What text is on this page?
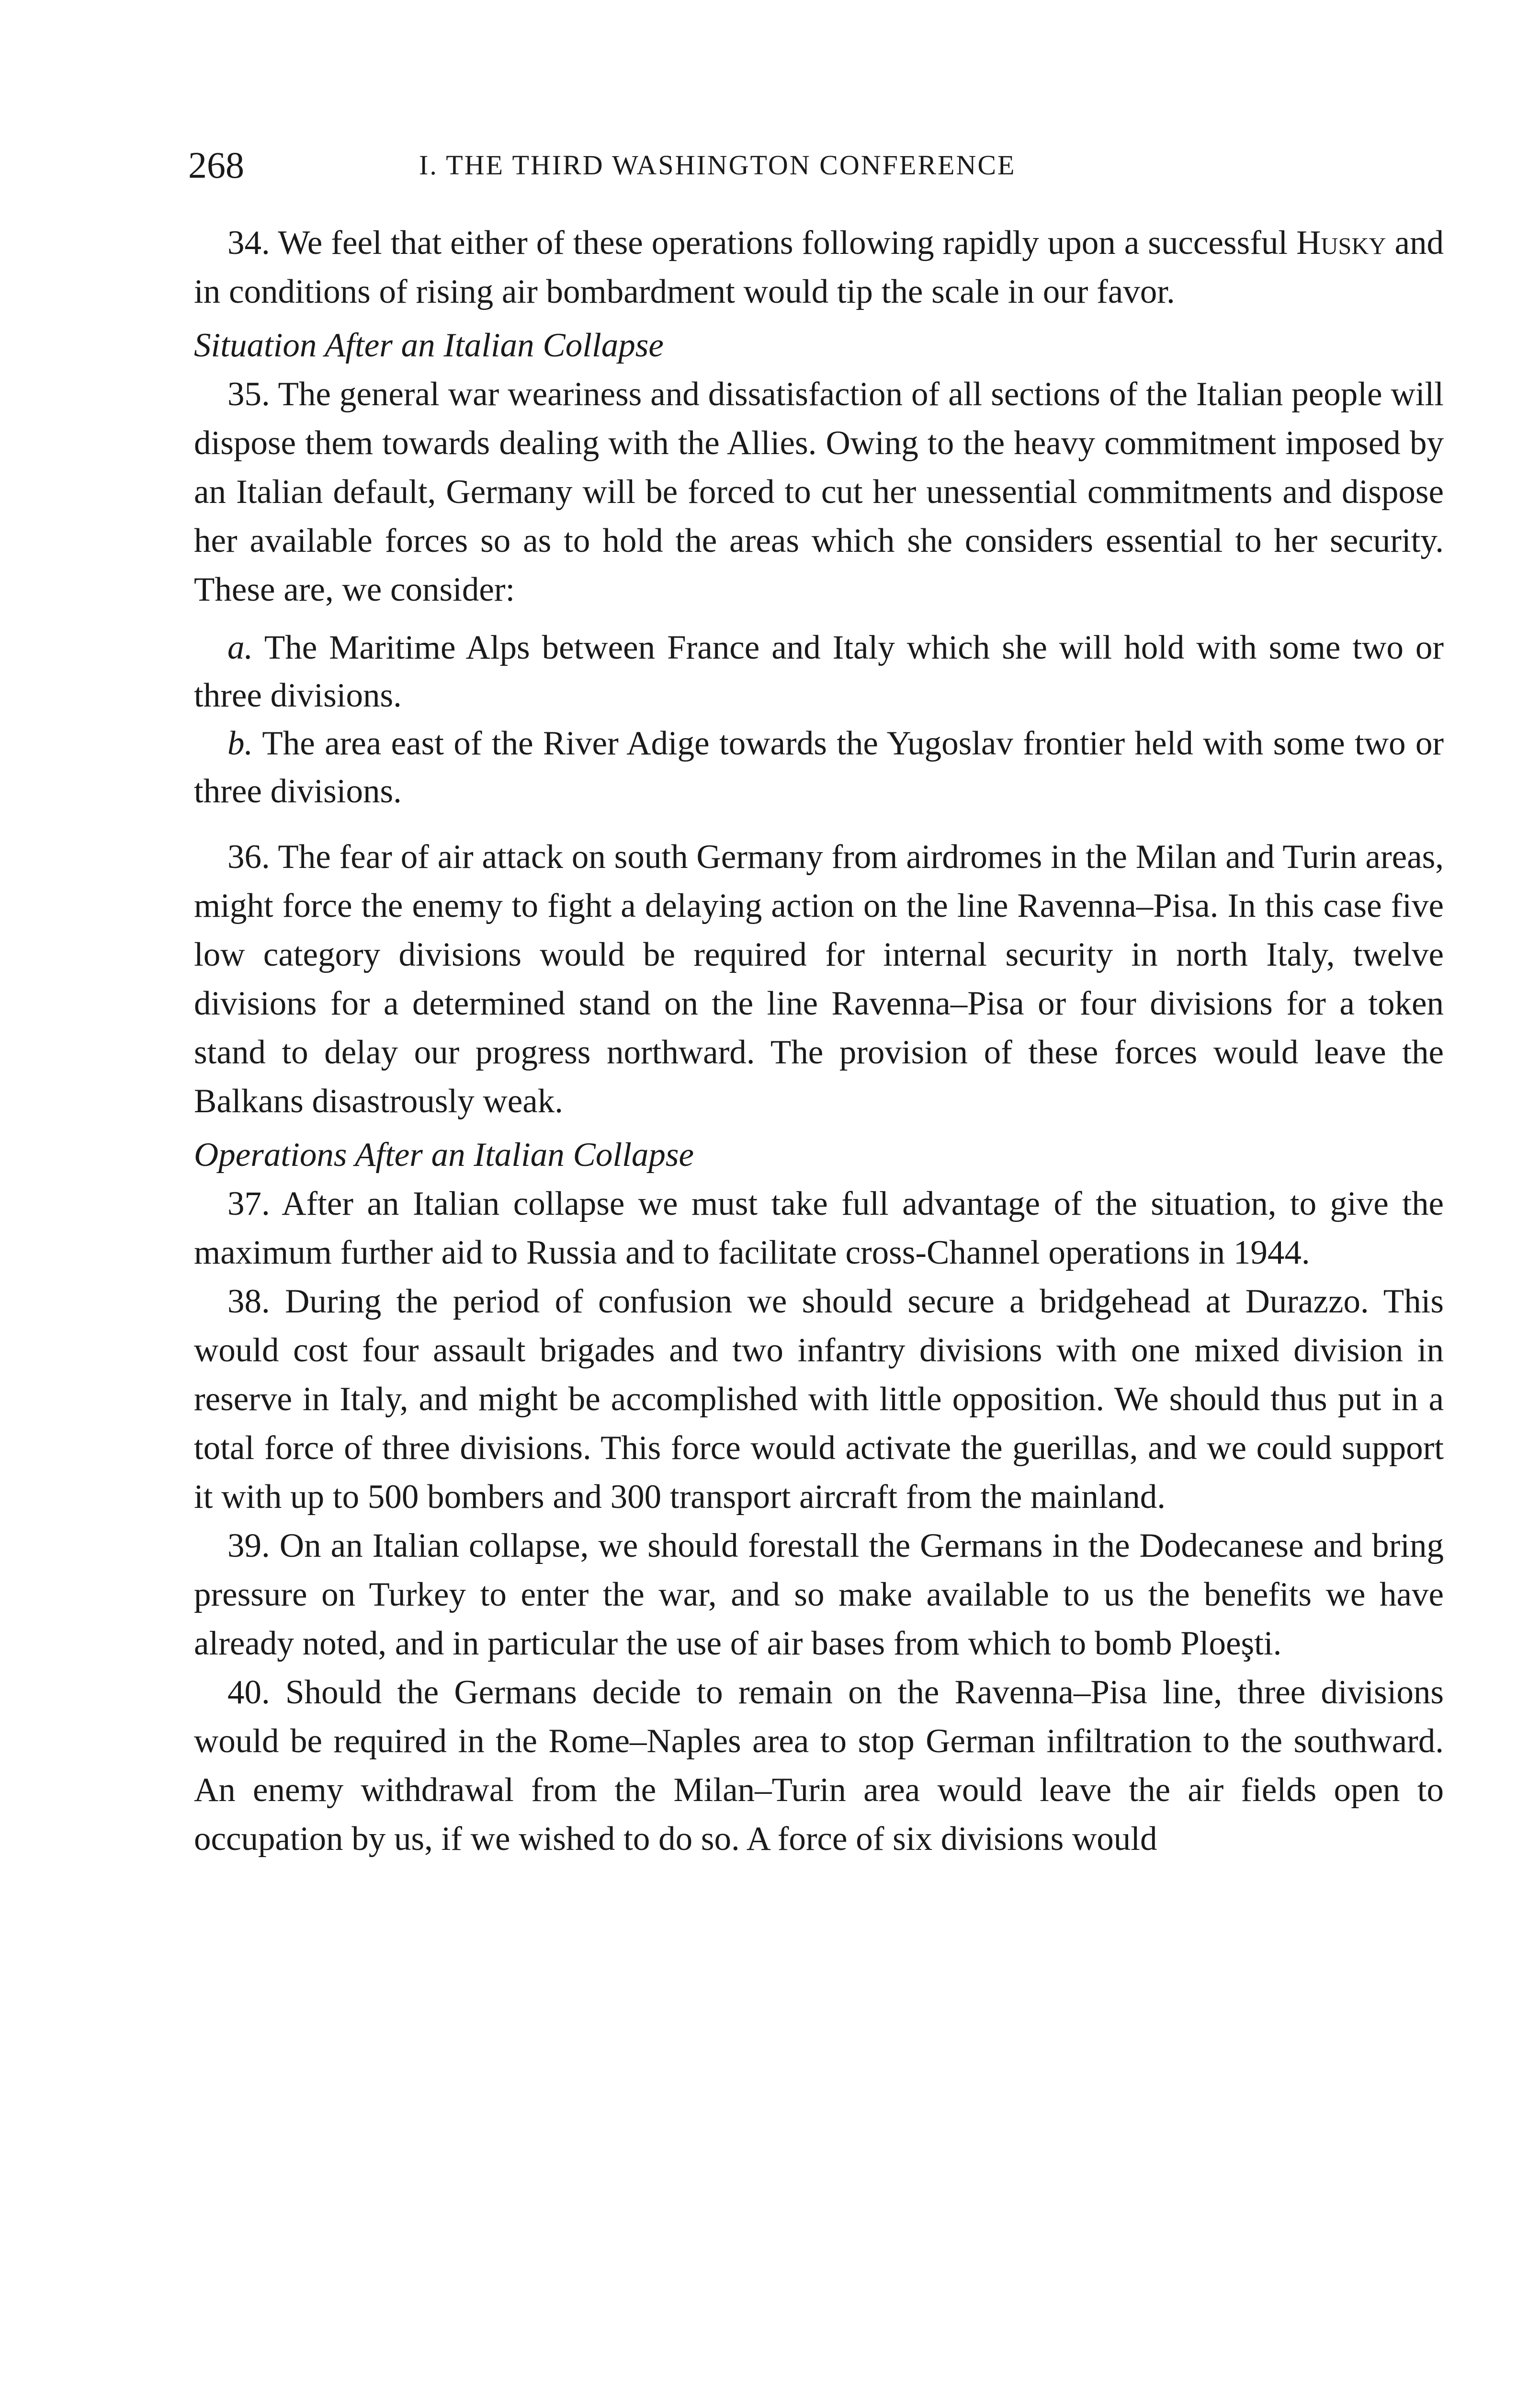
268	I. THE THIRD WASHINGTON CONFERENCE

34. We feel that either of these operations following rapidly upon a successful Husky and in conditions of rising air bombardment would tip the scale in our favor.

Situation After an Italian Collapse

35. The general war weariness and dissatisfaction of all sections of the Italian people will dispose them towards dealing with the Allies. Owing to the heavy commitment imposed by an Italian default, Germany will be forced to cut her unessential commitments and dispose her available forces so as to hold the areas which she considers essential to her security. These are, we consider:

a. The Maritime Alps between France and Italy which she will hold with some two or three divisions.

b. The area east of the River Adige towards the Yugoslav frontier held with some two or three divisions.

36. The fear of air attack on south Germany from airdromes in the Milan and Turin areas, might force the enemy to fight a delaying action on the line Ravenna–Pisa. In this case five low category divisions would be required for internal security in north Italy, twelve divisions for a determined stand on the line Ravenna–Pisa or four divisions for a token stand to delay our progress northward. The provision of these forces would leave the Balkans disastrously weak.

Operations After an Italian Collapse

37. After an Italian collapse we must take full advantage of the situation, to give the maximum further aid to Russia and to facilitate cross-Channel operations in 1944.

38. During the period of confusion we should secure a bridgehead at Durazzo. This would cost four assault brigades and two infantry divisions with one mixed division in reserve in Italy, and might be accomplished with little opposition. We should thus put in a total force of three divisions. This force would activate the guerillas, and we could support it with up to 500 bombers and 300 transport aircraft from the mainland.

39. On an Italian collapse, we should forestall the Germans in the Dodecanese and bring pressure on Turkey to enter the war, and so make available to us the benefits we have already noted, and in particular the use of air bases from which to bomb Ploeşti.

40. Should the Germans decide to remain on the Ravenna–Pisa line, three divisions would be required in the Rome–Naples area to stop German infiltration to the southward. An enemy withdrawal from the Milan–Turin area would leave the air fields open to occupation by us, if we wished to do so. A force of six divisions would
